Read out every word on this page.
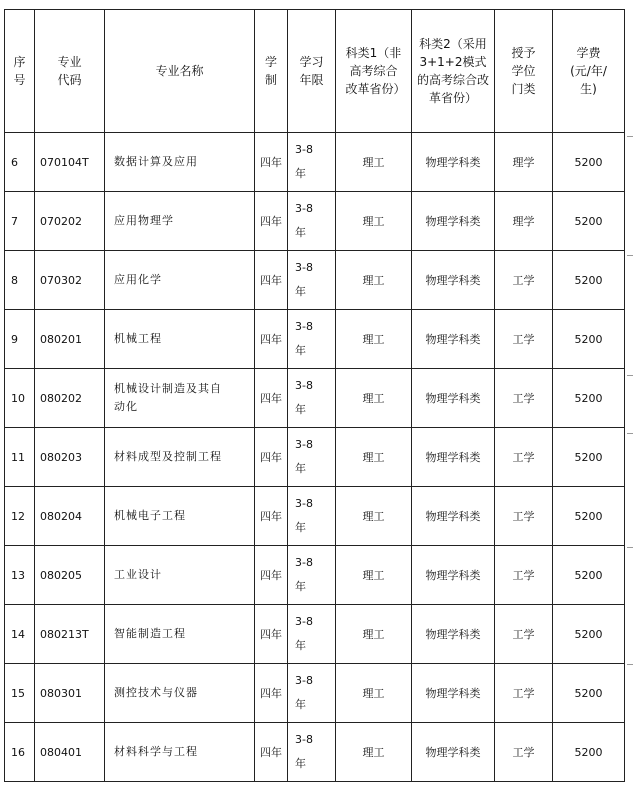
序号	专业代码	专业名称	学制	学习年限	科类1（非高考综合改革省份）	科类2（采用3+1+2模式的高考综合改革省份）	授予学位门类	学费(元/年/生)

6	070104T	数据计算及应用	四年	3-8年	理工	物理学科类	理学	5200
7	070202	应用物理学	四年	3-8年	理工	物理学科类	理学	5200
8	070302	应用化学	四年	3-8年	理工	物理学科类	工学	5200
9	080201	机械工程	四年	3-8年	理工	物理学科类	工学	5200
10	080202	机械设计制造及其自动化	四年	3-8年	理工	物理学科类	工学	5200
11	080203	材料成型及控制工程	四年	3-8年	理工	物理学科类	工学	5200
12	080204	机械电子工程	四年	3-8年	理工	物理学科类	工学	5200
13	080205	工业设计	四年	3-8年	理工	物理学科类	工学	5200
14	080213T	智能制造工程	四年	3-8年	理工	物理学科类	工学	5200
15	080301	测控技术与仪器	四年	3-8年	理工	物理学科类	工学	5200
16	080401	材料科学与工程	四年	3-8年	理工	物理学科类	工学	5200
